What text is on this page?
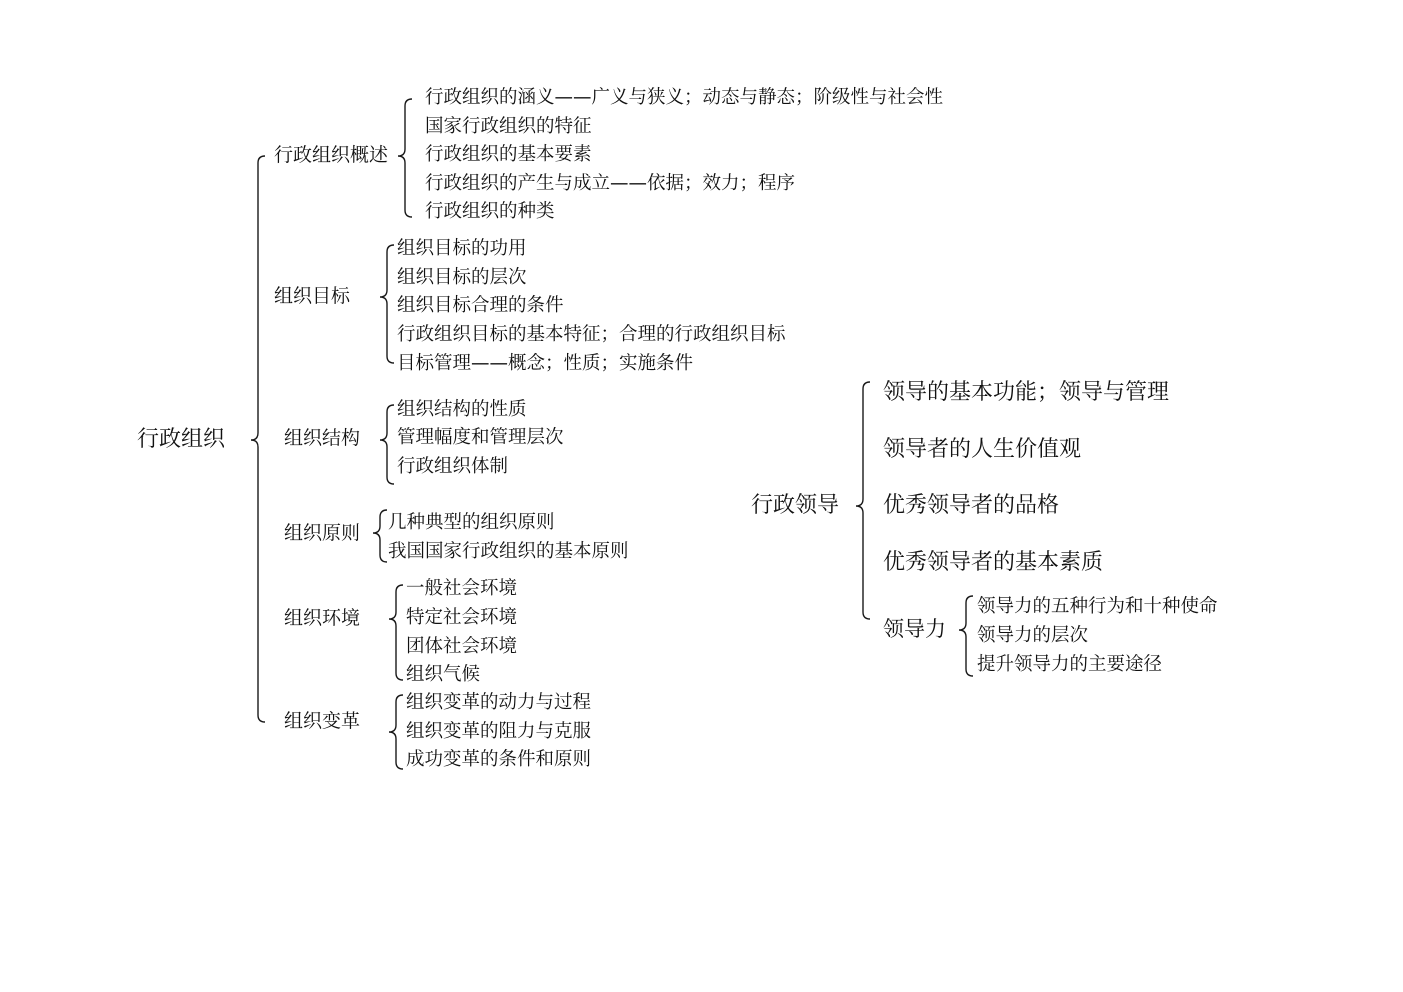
行政组织
行政组织概述
行政组织的涵义——广义与狭义；动态与静态；阶级性与社会性
国家行政组织的特征
行政组织的基本要素
行政组织的产生与成立——依据；效力；程序
行政组织的种类
组织目标
组织目标的功用
组织目标的层次
组织目标合理的条件
行政组织目标的基本特征；合理的行政组织目标
目标管理——概念；性质；实施条件
组织结构
组织结构的性质
管理幅度和管理层次
行政组织体制
组织原则 几种典型的组织原则
我国国家行政组织的基本原则
组织环境
一般社会环境
特定社会环境
团体社会环境
组织气候
组织变革
组织变革的动力与过程
组织变革的阻力与克服
成功变革的条件和原则
行政领导
领导的基本功能；领导与管理
领导者的人生价值观
优秀领导者的品格
优秀领导者的基本素质
领导力
领导力的五种行为和十种使命
领导力的层次
提升领导力的主要途径
